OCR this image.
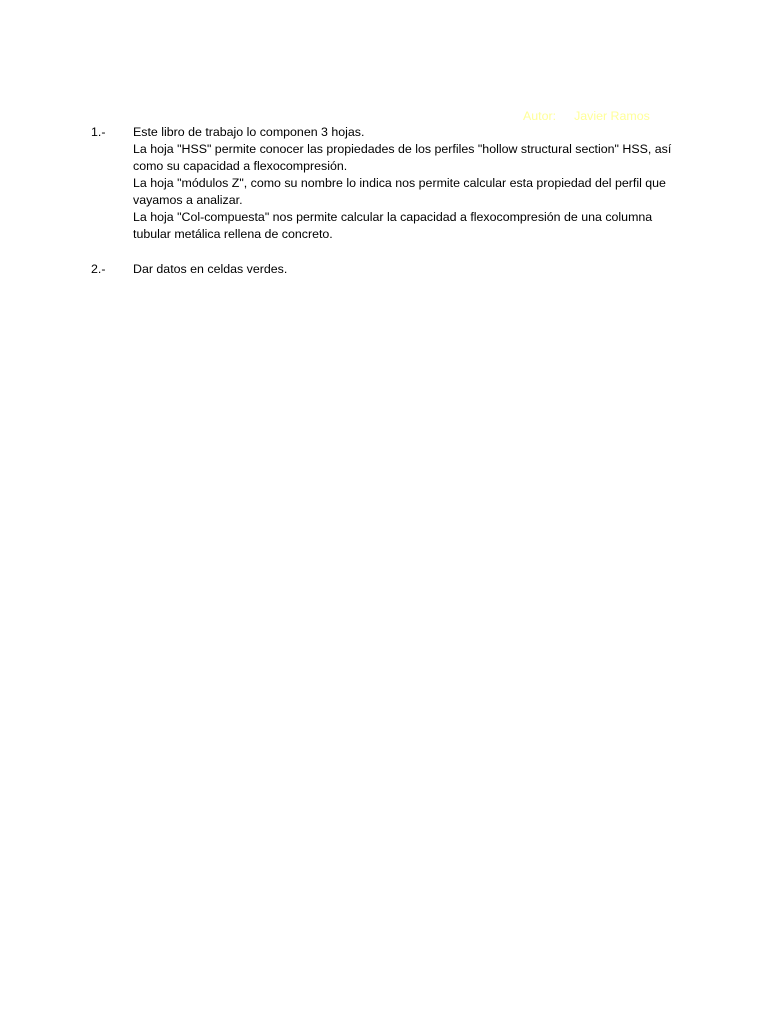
Autor: Javier Ramos
1.- Este libro de trabajo lo componen 3 hojas.

La hoja "HSS" permite conocer las propiedades de los perfiles "hollow structural section" HSS, así como su capacidad a flexocompresión.

La hoja "módulos Z", como su nombre lo indica nos permite calcular esta propiedad del perfil que vayamos a analizar.

La hoja "Col-compuesta" nos permite calcular la capacidad a flexocompresión de una columna tubular metálica rellena de concreto.

2.- Dar datos en celdas verdes.
